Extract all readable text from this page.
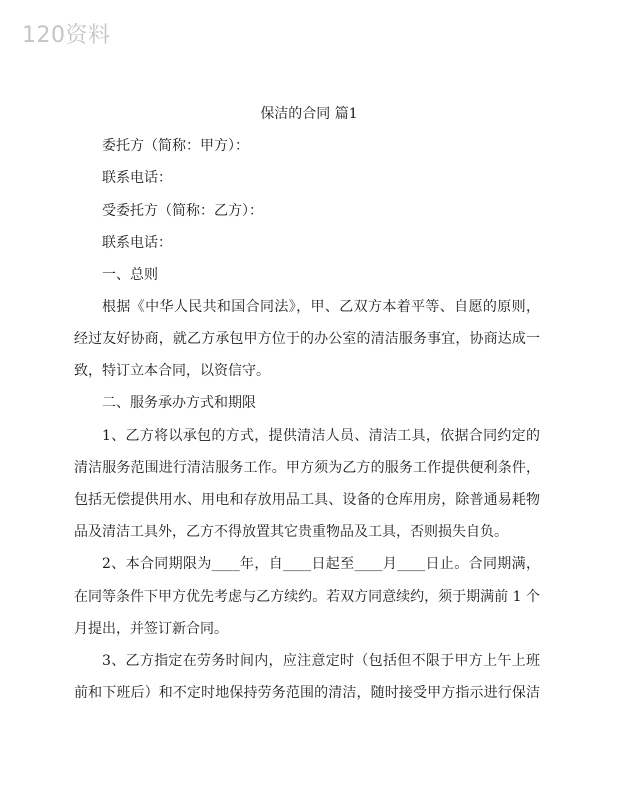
120资料
保洁的合同 篇1
委托方（简称：甲方）：
联系电话：
受委托方（简称：乙方）：
联系电话：
一、总则
根据《中华人民共和国合同法》，甲、乙双方本着平等、自愿的原则，
经过友好协商，就乙方承包甲方位于的办公室的清洁服务事宜，协商达成一
致，特订立本合同，以资信守。
二、服务承办方式和期限
1、乙方将以承包的方式，提供清洁人员、清洁工具，依据合同约定的
清洁服务范围进行清洁服务工作。甲方须为乙方的服务工作提供便利条件，
包括无偿提供用水、用电和存放用品工具、设备的仓库用房，除普通易耗物
品及清洁工具外，乙方不得放置其它贵重物品及工具，否则损失自负。
2、本合同期限为____年，自____日起至____月____日止。合同期满，
在同等条件下甲方优先考虑与乙方续约。若双方同意续约，须于期满前 1 个
月提出，并签订新合同。
3、乙方指定在劳务时间内，应注意定时（包括但不限于甲方上午上班
前和下班后）和不定时地保持劳务范围的清洁，随时接受甲方指示进行保洁
